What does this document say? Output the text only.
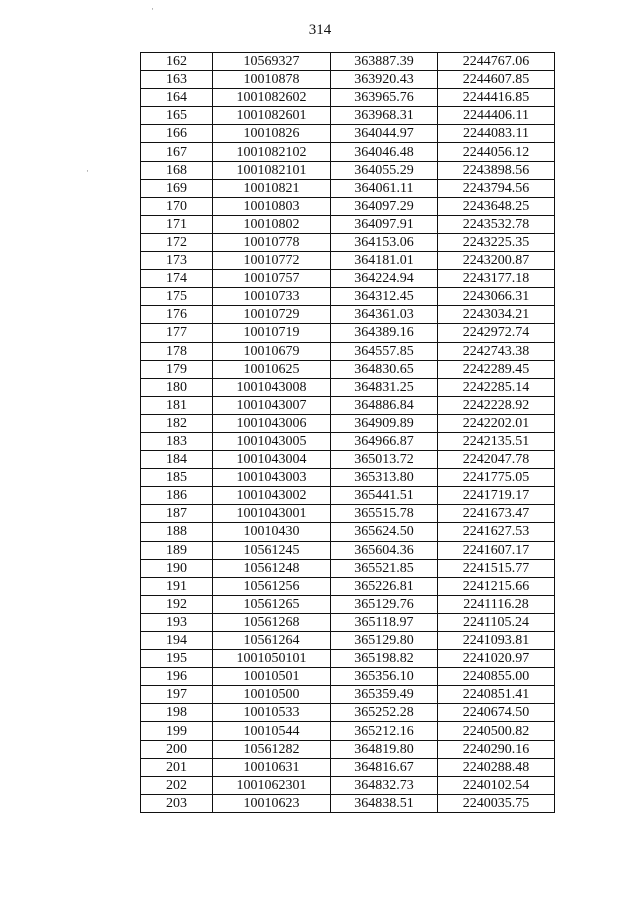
·
·
314
162	10569327	363887.39	2244767.06
163	10010878	363920.43	2244607.85
164	1001082602	363965.76	2244416.85
165	1001082601	363968.31	2244406.11
166	10010826	364044.97	2244083.11
167	1001082102	364046.48	2244056.12
168	1001082101	364055.29	2243898.56
169	10010821	364061.11	2243794.56
170	10010803	364097.29	2243648.25
171	10010802	364097.91	2243532.78
172	10010778	364153.06	2243225.35
173	10010772	364181.01	2243200.87
174	10010757	364224.94	2243177.18
175	10010733	364312.45	2243066.31
176	10010729	364361.03	2243034.21
177	10010719	364389.16	2242972.74
178	10010679	364557.85	2242743.38
179	10010625	364830.65	2242289.45
180	1001043008	364831.25	2242285.14
181	1001043007	364886.84	2242228.92
182	1001043006	364909.89	2242202.01
183	1001043005	364966.87	2242135.51
184	1001043004	365013.72	2242047.78
185	1001043003	365313.80	2241775.05
186	1001043002	365441.51	2241719.17
187	1001043001	365515.78	2241673.47
188	10010430	365624.50	2241627.53
189	10561245	365604.36	2241607.17
190	10561248	365521.85	2241515.77
191	10561256	365226.81	2241215.66
192	10561265	365129.76	2241116.28
193	10561268	365118.97	2241105.24
194	10561264	365129.80	2241093.81
195	1001050101	365198.82	2241020.97
196	10010501	365356.10	2240855.00
197	10010500	365359.49	2240851.41
198	10010533	365252.28	2240674.50
199	10010544	365212.16	2240500.82
200	10561282	364819.80	2240290.16
201	10010631	364816.67	2240288.48
202	1001062301	364832.73	2240102.54
203	10010623	364838.51	2240035.75
